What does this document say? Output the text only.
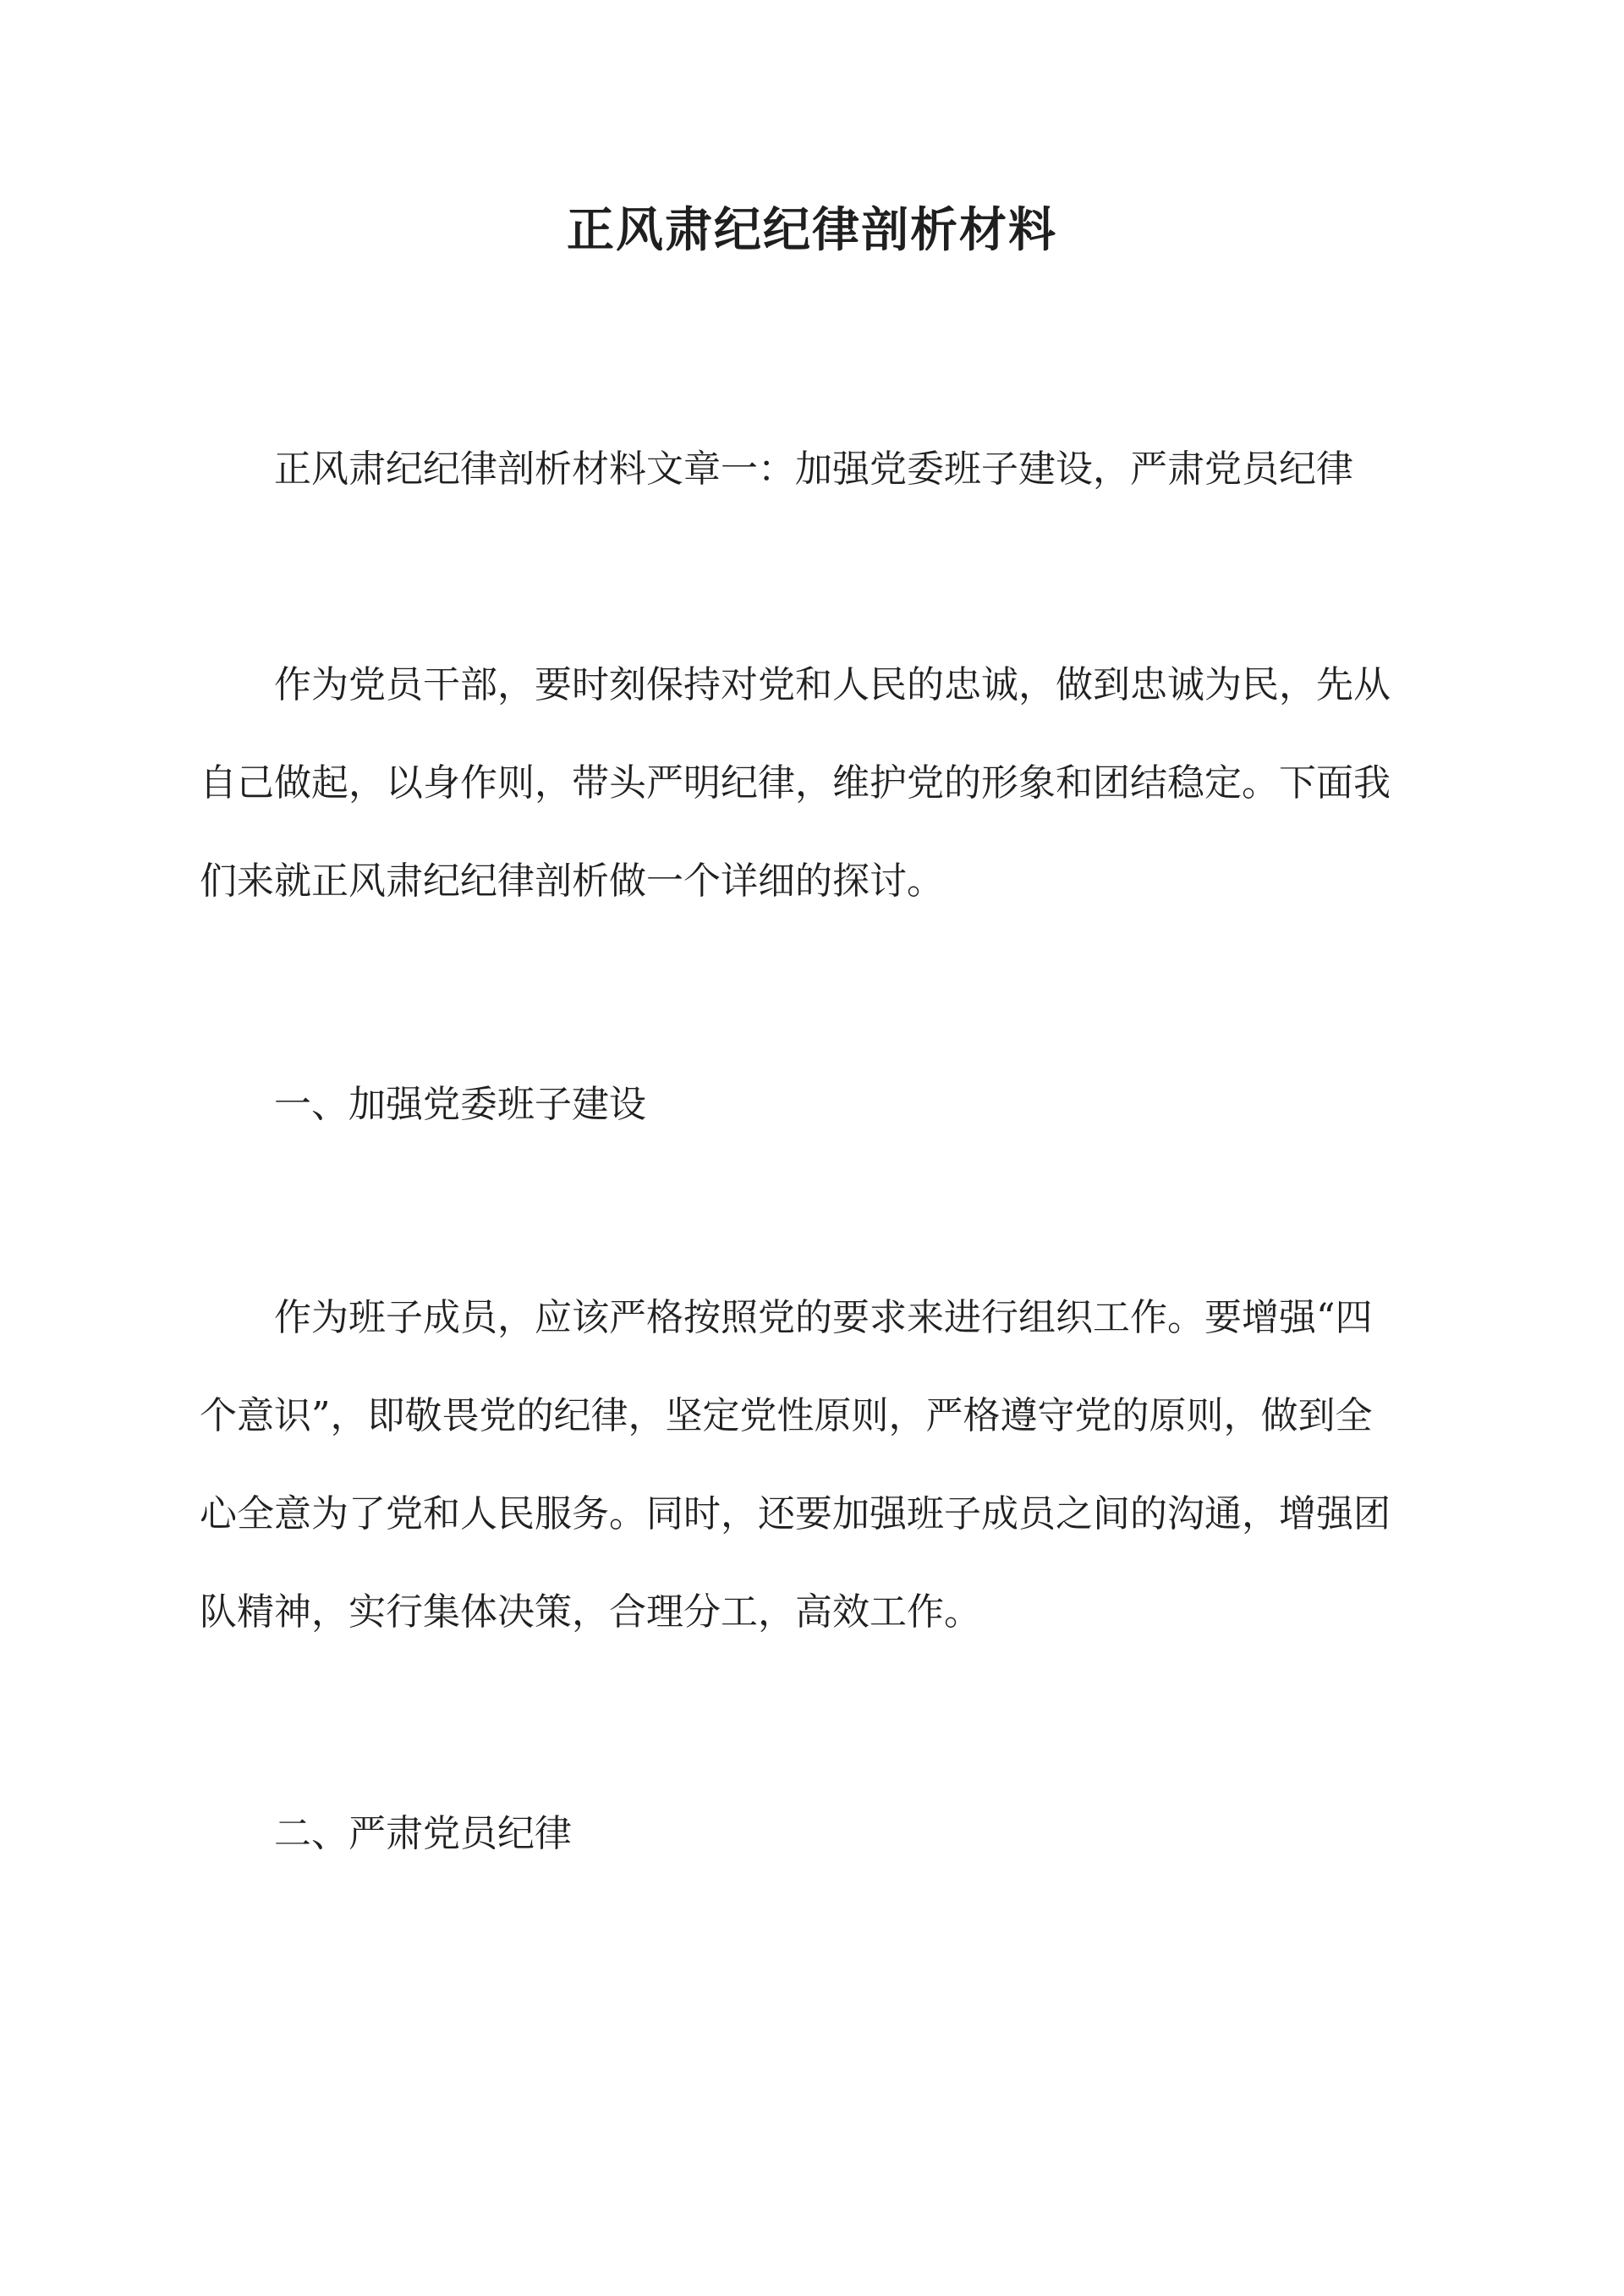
正风肃纪纪律剖析材料

正风肃纪纪律剖析材料文章一：加强党委班子建设，严肃党员纪律

作为党员干部，要时刻保持对党和人民的忠诚，做到忠诚为民，先从
自己做起，以身作则，带头严明纪律，维护党的形象和团结稳定。下面我
们来就正风肃纪纪律剖析做一个详细的探讨。

一、加强党委班子建设

作为班子成员，应该严格按照党的要求来进行组织工作。要增强“四
个意识”，即敬畏党的纪律，坚定党性原则，严格遵守党的原则，做到全
心全意为了党和人民服务。同时，还要加强班子成员之间的沟通，增强团
队精神，实行集体决策，合理分工，高效工作。

二、严肃党员纪律
